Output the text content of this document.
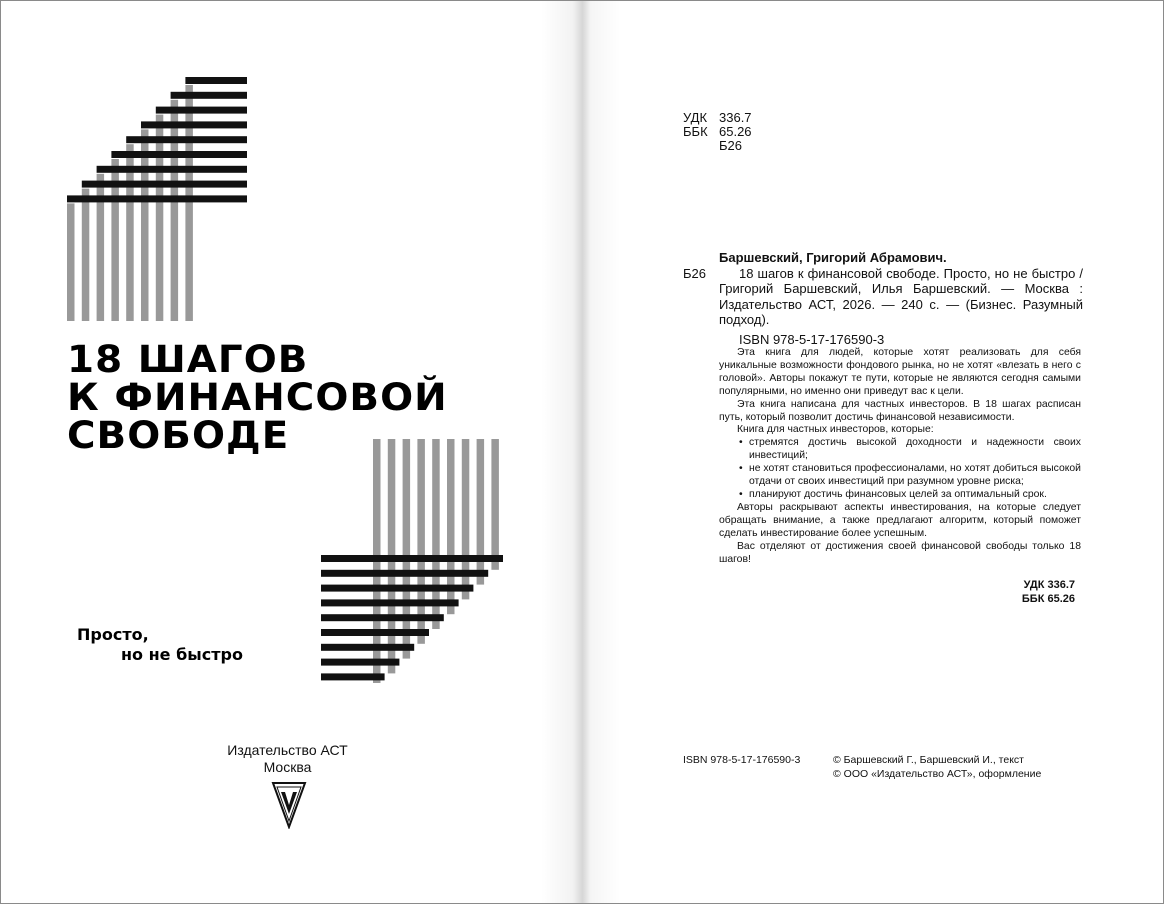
18 ШАГОВ
К ФИНАНСОВОЙ
СВОБОДЕ
Просто,
но не быстро
Издательство АСТ
Москва
УДК 336.7
ББК 65.26
Б26
Баршевский, Григорий Абрамович.
Б26	18 шагов к финансовой свободе. Просто, но не быстро / Григорий Баршевский, Илья Баршевский. — Москва : Издательство АСТ, 2026. — 240 с. — (Бизнес. Разумный подход).
ISBN 978-5-17-176590-3

Эта книга для людей, которые хотят реализовать для себя уникальные возможности фондового рынка, но не хотят «влезать в него с головой». Авторы покажут те пути, которые не являются сегодня самыми популярными, но именно они приведут вас к цели.

Эта книга написана для частных инвесторов. В 18 шагах расписан путь, который позволит достичь финансовой независимости.

Книга для частных инвесторов, которые:

• стремятся достичь высокой доходности и надежности своих инвестиций;
• не хотят становиться профессионалами, но хотят добиться высокой отдачи от своих инвестиций при разумном уровне риска;
• планируют достичь финансовых целей за оптимальный срок.

Авторы раскрывают аспекты инвестирования, на которые следует обращать внимание, а также предлагают алгоритм, который поможет сделать инвестирование более успешным.

Вас отделяют от достижения своей финансовой свободы только 18 шагов!

УДК 336.7
ББК 65.26
ISBN 978-5-17-176590-3	© Баршевский Г., Баршевский И., текст
© ООО «Издательство АСТ», оформление
